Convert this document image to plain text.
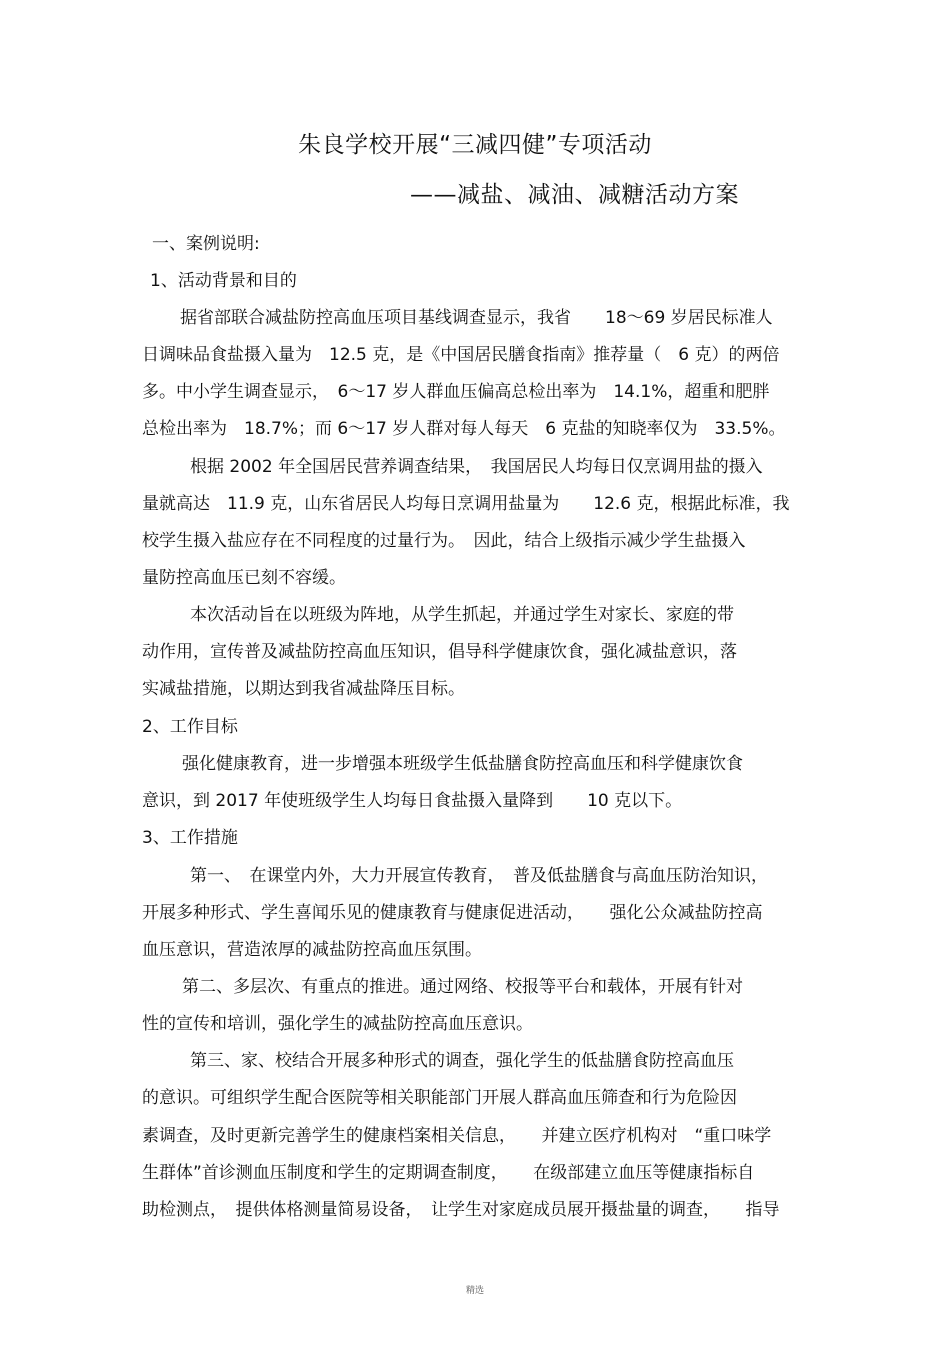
朱良学校开展“三减四健”专项活动
——减盐、减油、减糖活动方案
一、案例说明:
1、活动背景和目的
据省部联合减盐防控高血压项目基线调查显示，我省　　18～69 岁居民标准人
日调味品食盐摄入量为　12.5 克，是《中国居民膳食指南》推荐量（　6 克）的两倍
多。中小学生调查显示，　6～17 岁人群血压偏高总检出率为　14.1%，超重和肥胖
总检出率为　18.7%；而 6～17 岁人群对每人每天　6 克盐的知晓率仅为　33.5%。
根据 2002 年全国居民营养调查结果，　我国居民人均每日仅烹调用盐的摄入
量就高达　11.9 克，山东省居民人均每日烹调用盐量为　　12.6 克，根据此标准，我
校学生摄入盐应存在不同程度的过量行为。　因此，结合上级指示减少学生盐摄入
量防控高血压已刻不容缓。
本次活动旨在以班级为阵地，从学生抓起，并通过学生对家长、家庭的带
动作用，宣传普及减盐防控高血压知识，倡导科学健康饮食，强化减盐意识，落
实减盐措施，以期达到我省减盐降压目标。
2、工作目标
强化健康教育，进一步增强本班级学生低盐膳食防控高血压和科学健康饮食
意识，到 2017 年使班级学生人均每日食盐摄入量降到　　10 克以下。
3、工作措施
第一、　在课堂内外，大力开展宣传教育，　普及低盐膳食与高血压防治知识，
开展多种形式、学生喜闻乐见的健康教育与健康促进活动，　　强化公众减盐防控高
血压意识，营造浓厚的减盐防控高血压氛围。
第二、多层次、有重点的推进。通过网络、校报等平台和载体，开展有针对
性的宣传和培训，强化学生的减盐防控高血压意识。
第三、家、校结合开展多种形式的调查，强化学生的低盐膳食防控高血压
的意识。可组织学生配合医院等相关职能部门开展人群高血压筛查和行为危险因
素调查，及时更新完善学生的健康档案相关信息，　　并建立医疗机构对　“重口味学
生群体”首诊测血压制度和学生的定期调查制度，　　在级部建立血压等健康指标自
助检测点，　提供体格测量简易设备，　让学生对家庭成员展开摄盐量的调查，　　指导
精选
